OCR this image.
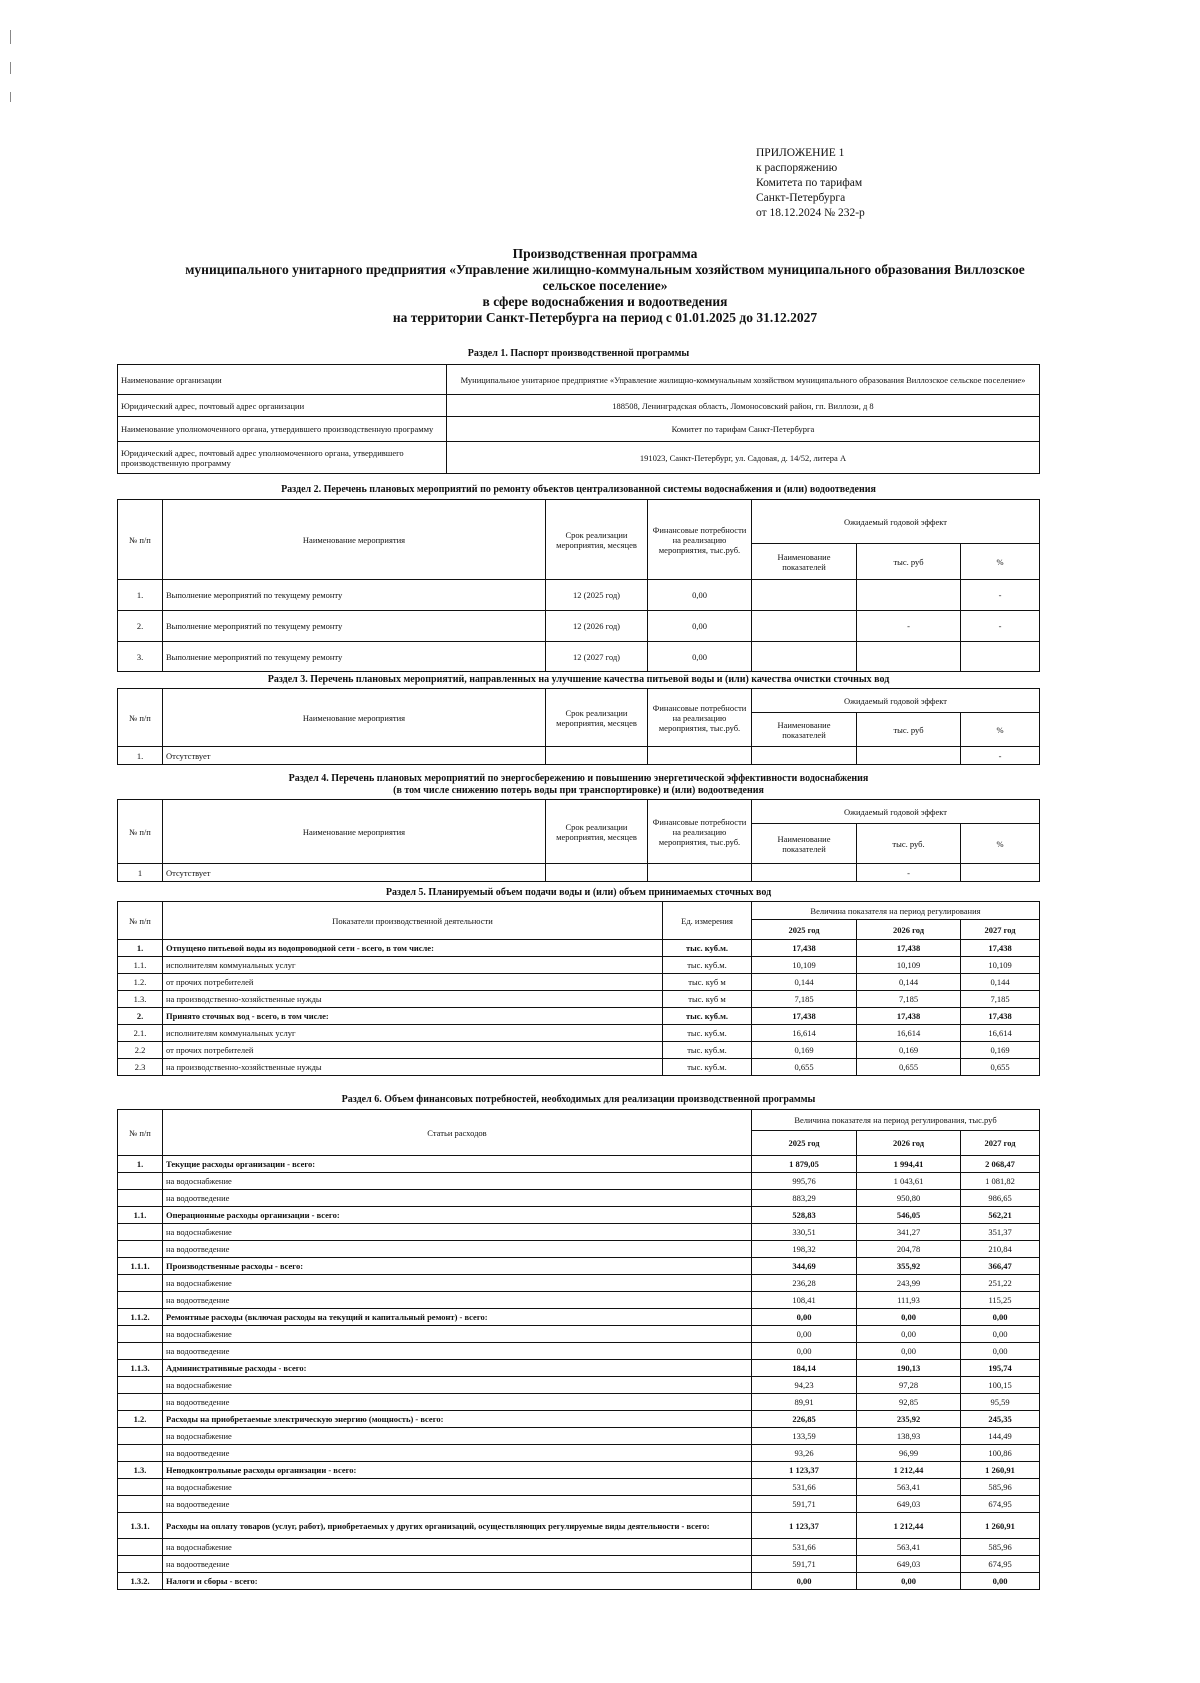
ПРИЛОЖЕНИЕ 1
к распоряжению
Комитета по тарифам
Санкт-Петербурга
от 18.12.2024 № 232-р
Производственная программа
муниципального унитарного предприятия «Управление жилищно-коммунальным хозяйством муниципального образования Виллозское
сельское поселение»
в сфере водоснабжения и водоотведения
на территории Санкт-Петербурга на период с 01.01.2025 до 31.12.2027
Раздел 1. Паспорт производственной программы
Наименование организации	Муниципальное унитарное предприятие «Управление жилищно-коммунальным хозяйством муниципального образования Виллозское сельское поселение»
Юридический адрес, почтовый адрес организации	188508, Ленинградская область, Ломоносовский район, гп. Виллози, д 8
Наименование уполномоченного органа, утвердившего производственную программу	Комитет по тарифам Санкт-Петербурга
Юридический адрес, почтовый адрес уполномоченного органа, утвердившего производственную программу	191023, Санкт-Петербург, ул. Садовая, д. 14/52, литера А
Раздел 2. Перечень плановых мероприятий по ремонту объектов централизованной системы водоснабжения и (или) водоотведения
№ п/п	Наименование мероприятия	Срок реализации мероприятия, месяцев	Финансовые потребности на реализацию мероприятия, тыс.руб.	Ожидаемый годовой эффект		
				Наименование показателей	тыс. руб	%
1.	Выполнение мероприятий по текущему ремонту	12 (2025 год)	0,00			-
2.	Выполнение мероприятий по текущему ремонту	12 (2026 год)	0,00		-	-
3.	Выполнение мероприятий по текущему ремонту	12 (2027 год)	0,00			
Раздел 3. Перечень плановых мероприятий, направленных на улучшение качества питьевой воды и (или) качества очистки сточных вод
№ п/п	Наименование мероприятия	Срок реализации мероприятия, месяцев	Финансовые потребности на реализацию мероприятия, тыс.руб.	Ожидаемый годовой эффект		
				Наименование показателей	тыс. руб	%
1.	Отсутствует					-
Раздел 4. Перечень плановых мероприятий по энергосбережению и повышению энергетической эффективности водоснабжения
(в том числе снижению потерь воды при транспортировке) и (или) водоотведения
№ п/п	Наименование мероприятия	Срок реализации мероприятия, месяцев	Финансовые потребности на реализацию мероприятия, тыс.руб.	Ожидаемый годовой эффект		
				Наименование показателей	тыс. руб.	%
1	Отсутствует				-	
Раздел 5. Планируемый объем подачи воды и (или) объем принимаемых сточных вод
№ п/п	Показатели производственной деятельности	Ед. измерения	Величина показателя на период регулирования		
			2025 год	2026 год	2027 год
1.	Отпущено питьевой воды из водопроводной сети - всего, в том числе:	тыс. куб.м.	17,438	17,438	17,438
1.1.	исполнителям коммунальных услуг	тыс. куб.м.	10,109	10,109	10,109
1.2.	от прочих потребителей	тыс. куб м	0,144	0,144	0,144
1.3.	на производственно-хозяйственные нужды	тыс. куб м	7,185	7,185	7,185
2.	Принято сточных вод - всего, в том числе:	тыс. куб.м.	17,438	17,438	17,438
2.1.	исполнителям коммунальных услуг	тыс. куб.м.	16,614	16,614	16,614
2.2	от прочих потребителей	тыс. куб.м.	0,169	0,169	0,169
2.3	на производственно-хозяйственные нужды	тыс. куб.м.	0,655	0,655	0,655
Раздел 6. Объем финансовых потребностей, необходимых для реализации производственной программы
№ п/п	Статьи расходов	Величина показателя на период регулирования, тыс.руб		
		2025 год	2026 год	2027 год
1.	Текущие расходы организации - всего:	1 879,05	1 994,41	2 068,47
	на водоснабжение	995,76	1 043,61	1 081,82
	на водоотведение	883,29	950,80	986,65
1.1.	Операционные расходы организации - всего:	528,83	546,05	562,21
	на водоснабжение	330,51	341,27	351,37
	на водоотведение	198,32	204,78	210,84
1.1.1.	Производственные расходы - всего:	344,69	355,92	366,47
	на водоснабжение	236,28	243,99	251,22
	на водоотведение	108,41	111,93	115,25
1.1.2.	Ремонтные расходы (включая расходы на текущий и капитальный ремонт) - всего:	0,00	0,00	0,00
	на водоснабжение	0,00	0,00	0,00
	на водоотведение	0,00	0,00	0,00
1.1.3.	Административные расходы - всего:	184,14	190,13	195,74
	на водоснабжение	94,23	97,28	100,15
	на водоотведение	89,91	92,85	95,59
1.2.	Расходы на приобретаемые электрическую энергию (мощность) - всего:	226,85	235,92	245,35
	на водоснабжение	133,59	138,93	144,49
	на водоотведение	93,26	96,99	100,86
1.3.	Неподконтрольные расходы организации - всего:	1 123,37	1 212,44	1 260,91
	на водоснабжение	531,66	563,41	585,96
	на водоотведение	591,71	649,03	674,95
1.3.1.	Расходы на оплату товаров (услуг, работ), приобретаемых у других организаций, осуществляющих регулируемые виды деятельности - всего:	1 123,37	1 212,44	1 260,91
	на водоснабжение	531,66	563,41	585,96
	на водоотведение	591,71	649,03	674,95
1.3.2.	Налоги и сборы - всего:	0,00	0,00	0,00
